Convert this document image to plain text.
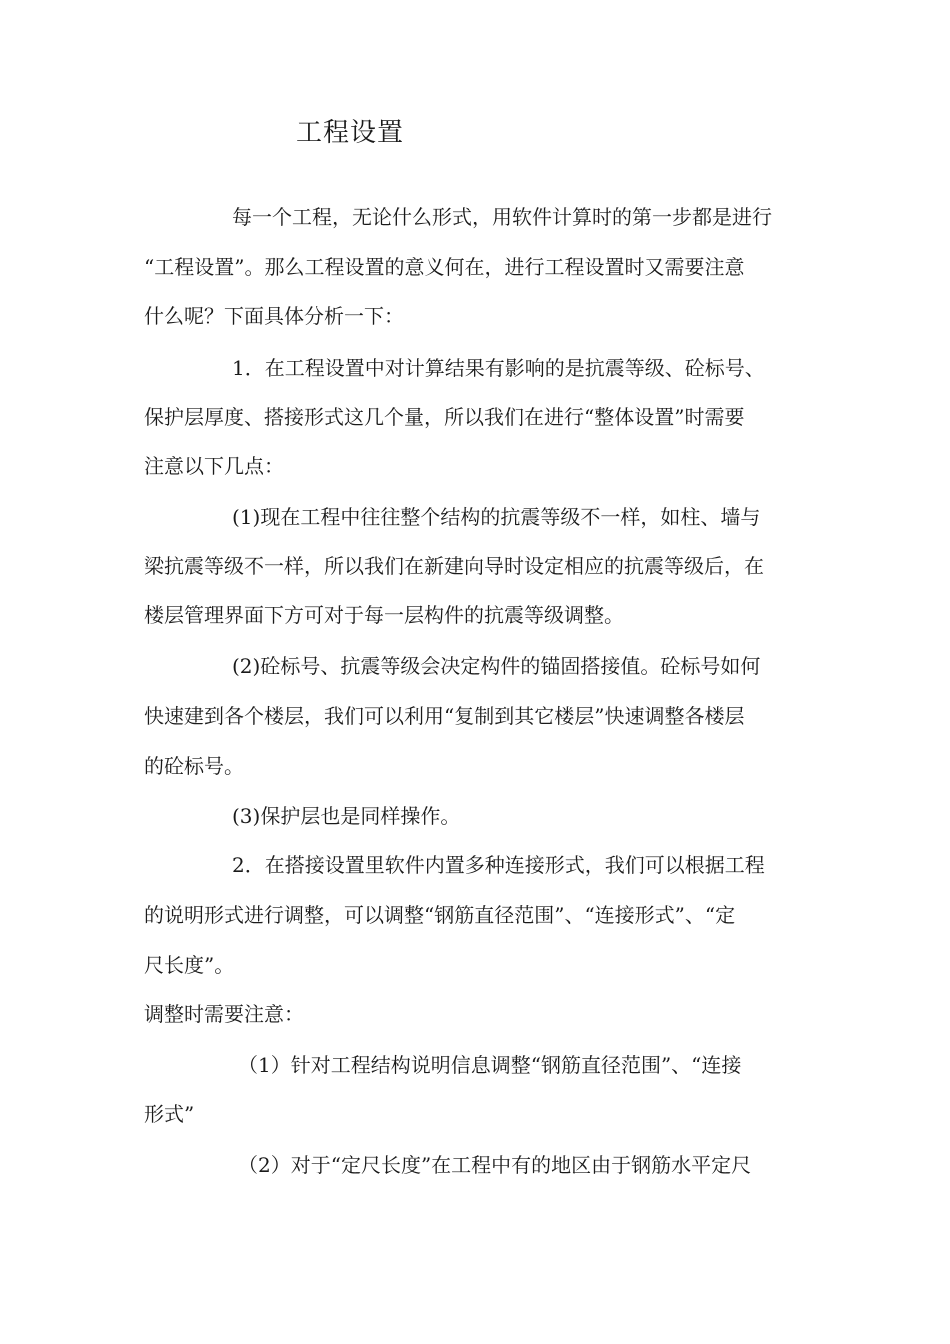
工程设置
每一个工程，无论什么形式，用软件计算时的第一步都是进行
“工程设置”。那么工程设置的意义何在，进行工程设置时又需要注意
什么呢？下面具体分析一下：
1．在工程设置中对计算结果有影响的是抗震等级、砼标号、
保护层厚度、搭接形式这几个量，所以我们在进行“整体设置”时需要
注意以下几点：
(1)现在工程中往往整个结构的抗震等级不一样，如柱、墙与
梁抗震等级不一样，所以我们在新建向导时设定相应的抗震等级后，在
楼层管理界面下方可对于每一层构件的抗震等级调整。
(2)砼标号、抗震等级会决定构件的锚固搭接值。砼标号如何
快速建到各个楼层，我们可以利用“复制到其它楼层”快速调整各楼层
的砼标号。
(3)保护层也是同样操作。
2．在搭接设置里软件内置多种连接形式，我们可以根据工程
的说明形式进行调整，可以调整“钢筋直径范围”、“连接形式”、“定
尺长度”。
调整时需要注意：
（1）针对工程结构说明信息调整“钢筋直径范围”、“连接
形式”
（2）对于“定尺长度”在工程中有的地区由于钢筋水平定尺
